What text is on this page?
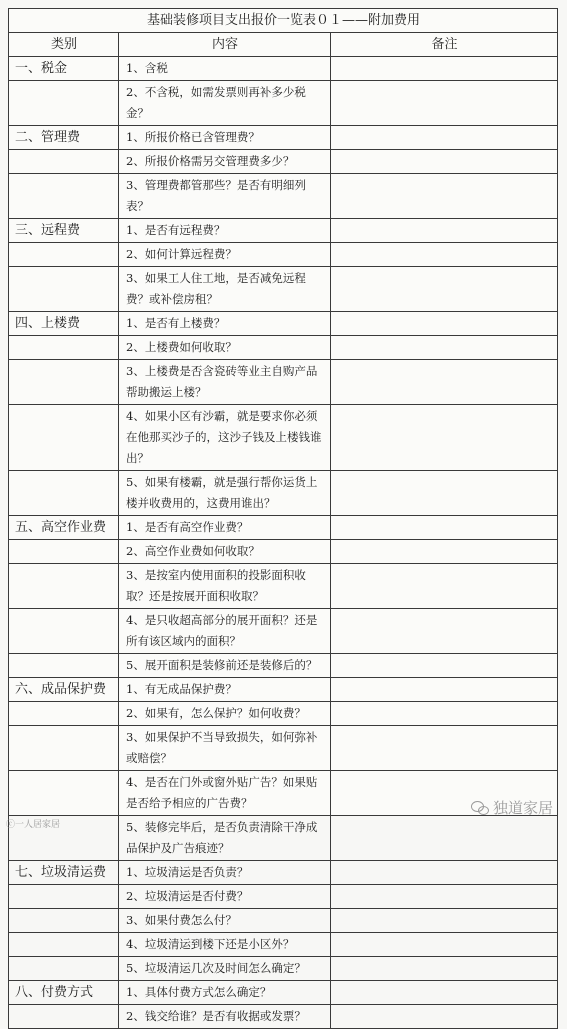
基础装修项目支出报价一览表０１——附加费用		
类别	内容	备注
一、税金	1、含税	
	2、不含税，如需发票则再补多少税金？	
二、管理费	1、所报价格已含管理费？	
	2、所报价格需另交管理费多少？	
	3、管理费都管那些？是否有明细列表？	
三、远程费	1、是否有远程费？	
	2、如何计算远程费？	
	3、如果工人住工地，是否减免远程费？或补偿房租？	
四、上楼费	1、是否有上楼费？	
	2、上楼费如何收取？	
	3、上楼费是否含瓷砖等业主自购产品帮助搬运上楼？	
	4、如果小区有沙霸，就是要求你必须在他那买沙子的，这沙子钱及上楼钱谁出？	
	5、如果有楼霸，就是强行帮你运货上楼并收费用的，这费用谁出？	
五、高空作业费	1、是否有高空作业费？	
	2、高空作业费如何收取？	
	3、是按室内使用面积的投影面积收取？还是按展开面积收取？	
	4、是只收超高部分的展开面积？还是所有该区域内的面积？	
	5、展开面积是装修前还是装修后的？	
六、成品保护费	1、有无成品保护费？	
	2、如果有，怎么保护？如何收费？	
	3、如果保护不当导致损失，如何弥补或赔偿？	
	4、是否在门外或窗外贴广告？如果贴是否给予相应的广告费？	
	5、装修完毕后，是否负责清除干净成品保护及广告痕迹？	
七、垃圾清运费	1、垃圾清运是否负责？	
	2、垃圾清运是否付费？	
	3、如果付费怎么付？	
	4、垃圾清运到楼下还是小区外？	
	5、垃圾清运几次及时间怎么确定？	
八、付费方式	1、具体付费方式怎么确定？	
	2、钱交给谁？是否有收据或发票？	
ⓒ一人居家居
独道家居
